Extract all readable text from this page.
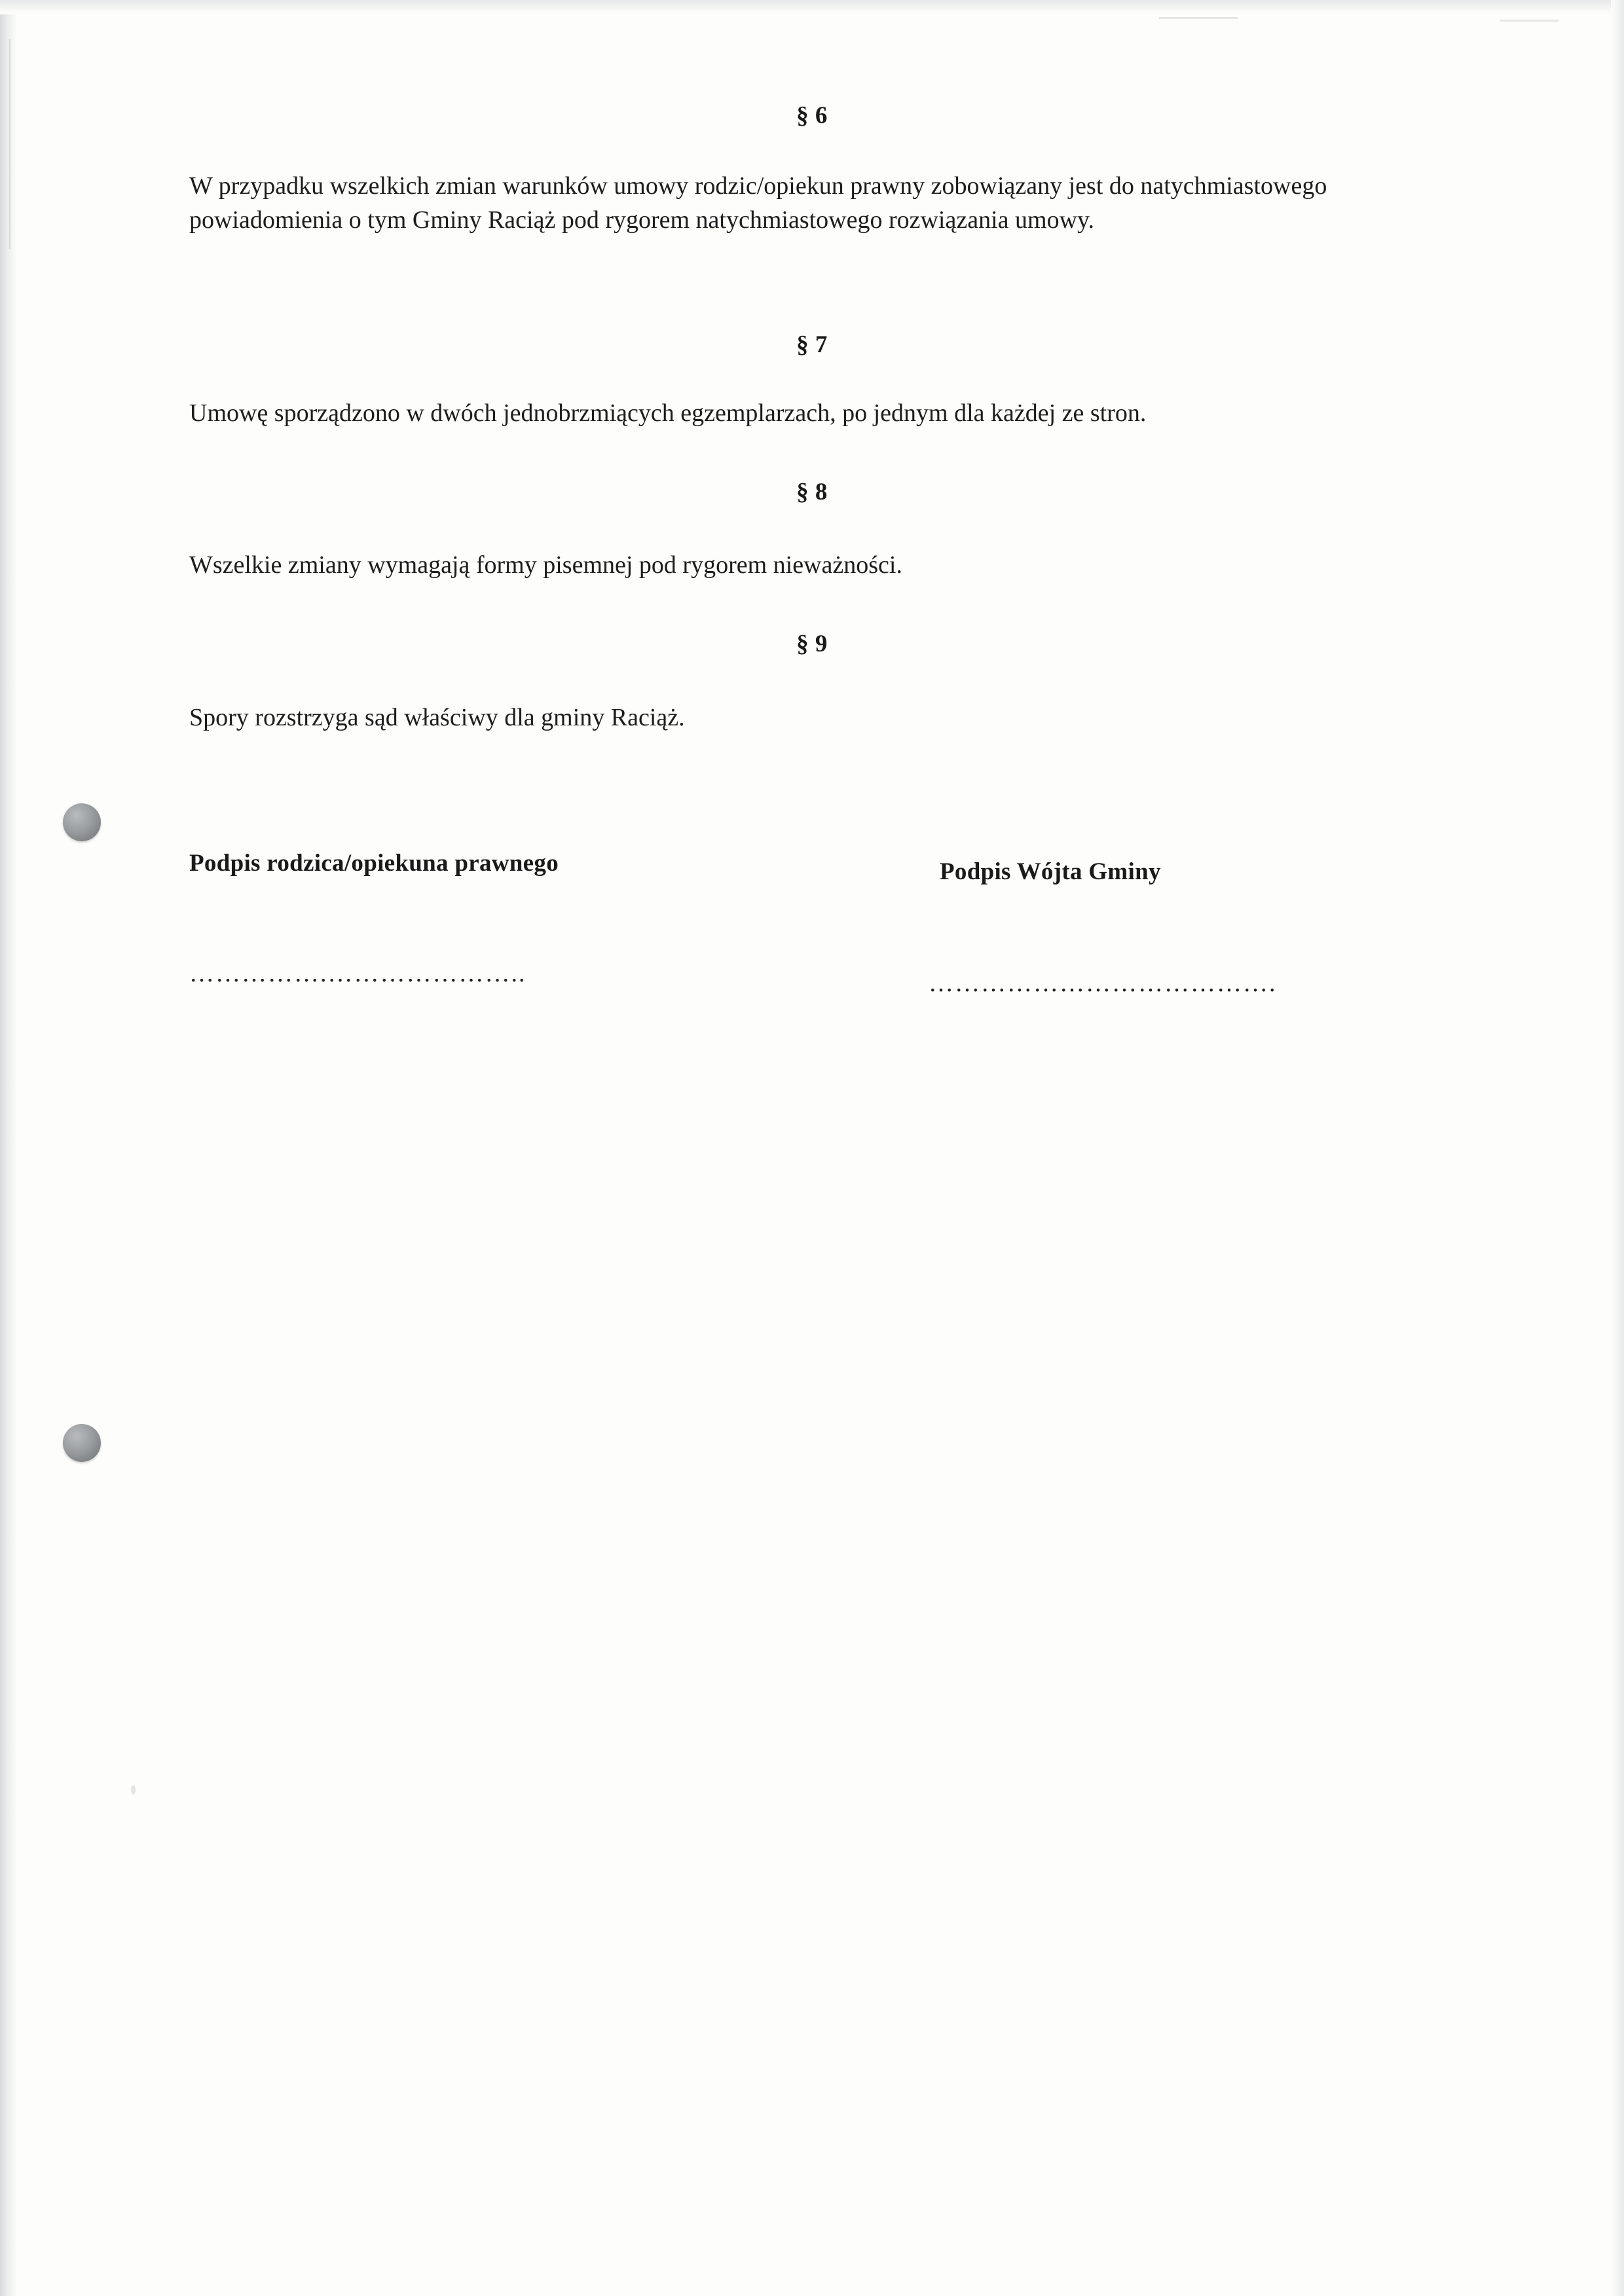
§ 6
W przypadku wszelkich zmian warunków umowy rodzic/opiekun prawny zobowiązany jest do natychmiastowego powiadomienia o tym Gminy Raciąż pod rygorem natychmiastowego rozwiązania umowy.
§ 7
Umowę sporządzono w dwóch jednobrzmiących egzemplarzach, po jednym dla każdej ze stron.
§ 8
Wszelkie zmiany wymagają formy pisemnej pod rygorem nieważności.
§ 9
Spory rozstrzyga sąd właściwy dla gminy Raciąż.
Podpis rodzica/opiekuna prawnego	Podpis Wójta Gminy
…………….…………………..	………………………………….
